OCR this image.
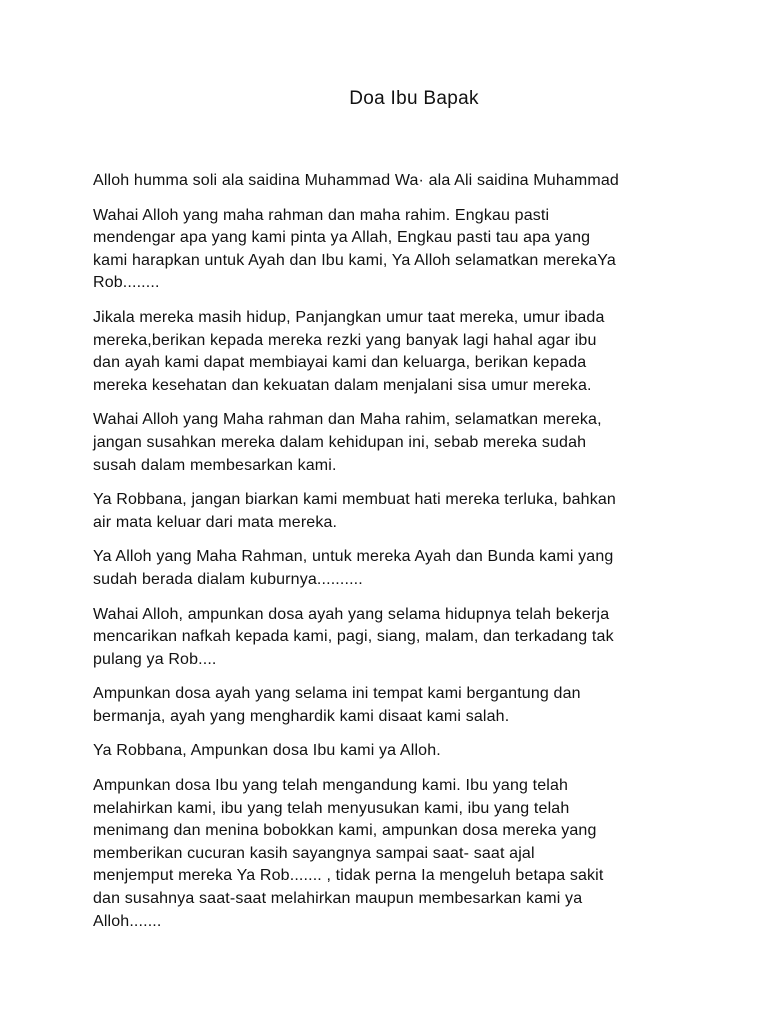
Doa Ibu Bapak

Alloh humma soli ala saidina Muhammad Wa· ala Ali saidina Muhammad

Wahai Alloh yang maha rahman dan maha rahim. Engkau pasti
mendengar apa yang kami pinta ya Allah, Engkau pasti tau apa yang
kami harapkan untuk Ayah dan Ibu kami, Ya Alloh selamatkan merekaYa
Rob........

Jikala mereka masih hidup, Panjangkan umur taat mereka, umur ibada
mereka,berikan kepada mereka rezki yang banyak lagi hahal agar ibu
dan ayah kami dapat membiayai kami dan keluarga, berikan kepada
mereka kesehatan dan kekuatan dalam menjalani sisa umur mereka.

Wahai Alloh yang Maha rahman dan Maha rahim, selamatkan mereka,
jangan susahkan mereka dalam kehidupan ini, sebab mereka sudah
susah dalam membesarkan kami.

Ya Robbana, jangan biarkan kami membuat hati mereka terluka, bahkan
air mata keluar dari mata mereka.

Ya Alloh yang Maha Rahman, untuk mereka Ayah dan Bunda kami yang
sudah berada dialam kuburnya..........

Wahai Alloh, ampunkan dosa ayah yang selama hidupnya telah bekerja
mencarikan nafkah kepada kami, pagi, siang, malam, dan terkadang tak
pulang ya Rob....

Ampunkan dosa ayah yang selama ini tempat kami bergantung dan
bermanja, ayah yang menghardik kami disaat kami salah.

Ya Robbana, Ampunkan dosa Ibu kami ya Alloh.

Ampunkan dosa Ibu yang telah mengandung kami. Ibu yang telah
melahirkan kami, ibu yang telah menyusukan kami, ibu yang telah
menimang dan menina bobokkan kami, ampunkan dosa mereka yang
memberikan cucuran kasih sayangnya sampai saat- saat ajal
menjemput mereka Ya Rob....... , tidak perna Ia mengeluh betapa sakit
dan susahnya saat-saat melahirkan maupun membesarkan kami ya
Alloh.......
